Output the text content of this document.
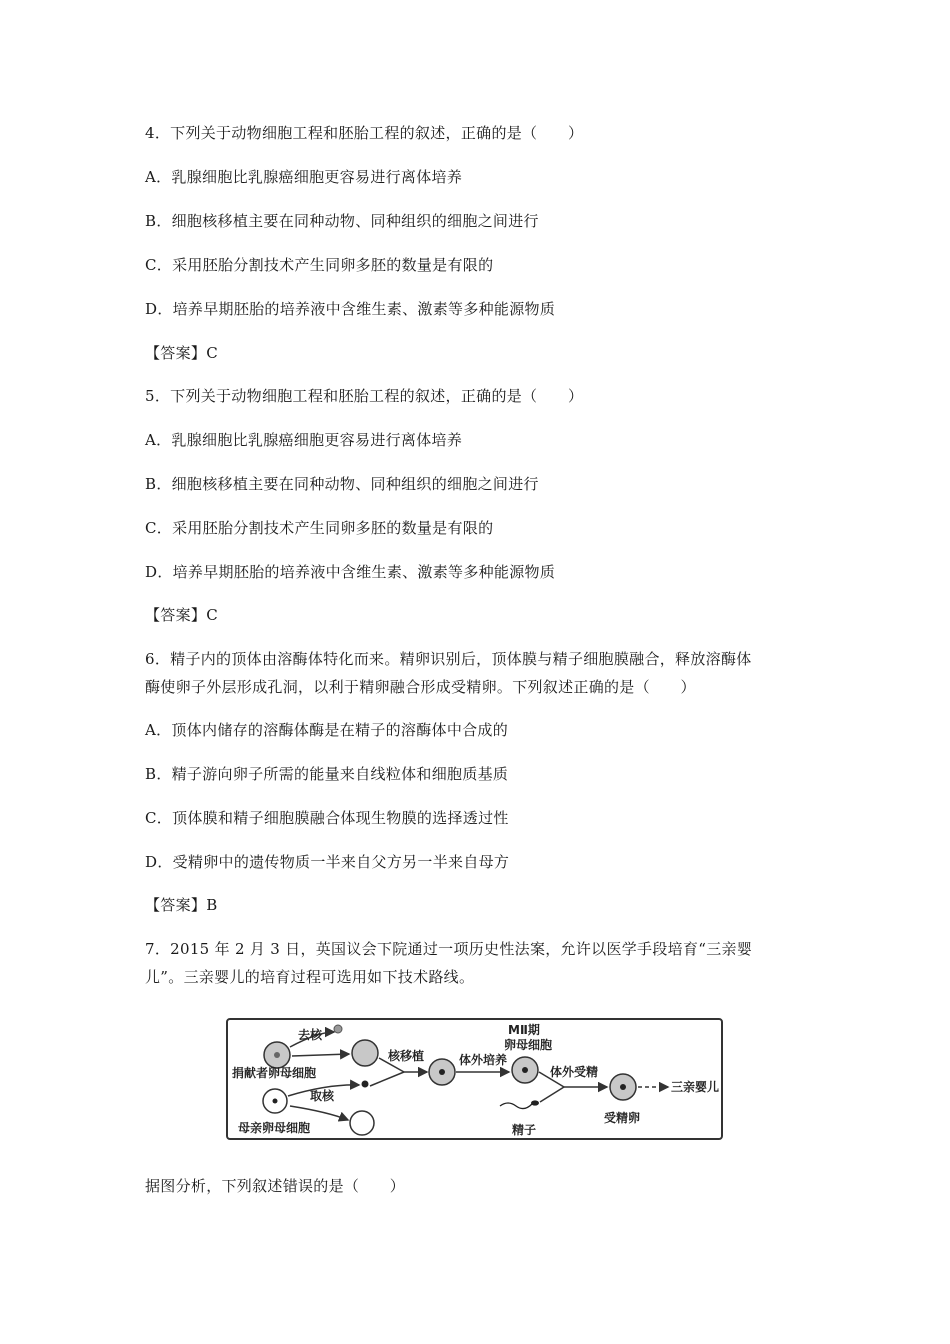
4．下列关于动物细胞工程和胚胎工程的叙述，正确的是（　　）
A．乳腺细胞比乳腺癌细胞更容易进行离体培养
B．细胞核移植主要在同种动物、同种组织的细胞之间进行
C．采用胚胎分割技术产生同卵多胚的数量是有限的
D．培养早期胚胎的培养液中含维生素、激素等多种能源物质
【答案】C
5．下列关于动物细胞工程和胚胎工程的叙述，正确的是（　　）
A．乳腺细胞比乳腺癌细胞更容易进行离体培养
B．细胞核移植主要在同种动物、同种组织的细胞之间进行
C．采用胚胎分割技术产生同卵多胚的数量是有限的
D．培养早期胚胎的培养液中含维生素、激素等多种能源物质
【答案】C
6．精子内的顶体由溶酶体特化而来。精卵识别后，顶体膜与精子细胞膜融合，释放溶酶体
酶使卵子外层形成孔洞，以利于精卵融合形成受精卵。下列叙述正确的是（　　）
A．顶体内储存的溶酶体酶是在精子的溶酶体中合成的
B．精子游向卵子所需的能量来自线粒体和细胞质基质
C．顶体膜和精子细胞膜融合体现生物膜的选择透过性
D．受精卵中的遗传物质一半来自父方另一半来自母方
【答案】B
7．2015 年 2 月 3 日，英国议会下院通过一项历史性法案，允许以医学手段培育“三亲婴
儿”。三亲婴儿的培育过程可选用如下技术路线。
去核
捐献者卵母细胞
取核
母亲卵母细胞
核移植	体外培养
MⅡ期
卵母细胞
精子
体外受精
受精卵
三亲婴儿
据图分析，下列叙述错误的是（　　）
